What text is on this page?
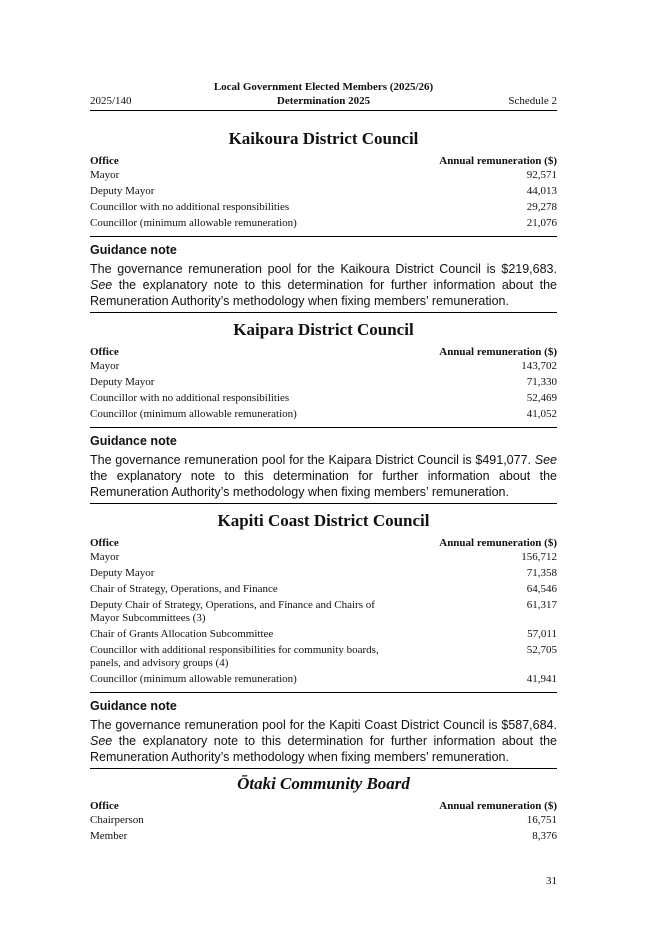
2025/140
Local Government Elected Members (2025/26)
Determination 2025	Schedule 2
Kaikoura District Council
Office	Annual remuneration ($)
Mayor	92,571
Deputy Mayor	44,013
Councillor with no additional responsibilities	29,278
Councillor (minimum allowable remuneration)	21,076

Guidance note

The governance remuneration pool for the Kaikoura District Council is $219,683. See the explanatory note to this determination for further information about the Remuneration Authority’s methodology when fixing members’ remuneration.

Kaipara District Council
Office	Annual remuneration ($)
Mayor	143,702
Deputy Mayor	71,330
Councillor with no additional responsibilities	52,469
Councillor (minimum allowable remuneration)	41,052

Guidance note

The governance remuneration pool for the Kaipara District Council is $491,077. See the explanatory note to this determination for further information about the Remuneration Authority’s methodology when fixing members’ remuneration.

Kapiti Coast District Council
Office	Annual remuneration ($)
Mayor	156,712
Deputy Mayor	71,358
Chair of Strategy, Operations, and Finance	64,546
Deputy Chair of Strategy, Operations, and Finance and Chairs of Mayor Subcommittees (3)	61,317
Chair of Grants Allocation Subcommittee	57,011
Councillor with additional responsibilities for community boards, panels, and advisory groups (4)	52,705
Councillor (minimum allowable remuneration)	41,941

Guidance note

The governance remuneration pool for the Kapiti Coast District Council is $587,684. See the explanatory note to this determination for further information about the Remuneration Authority’s methodology when fixing members’ remuneration.

Ōtaki Community Board
Office	Annual remuneration ($)
Chairperson	16,751
Member	8,376
31
